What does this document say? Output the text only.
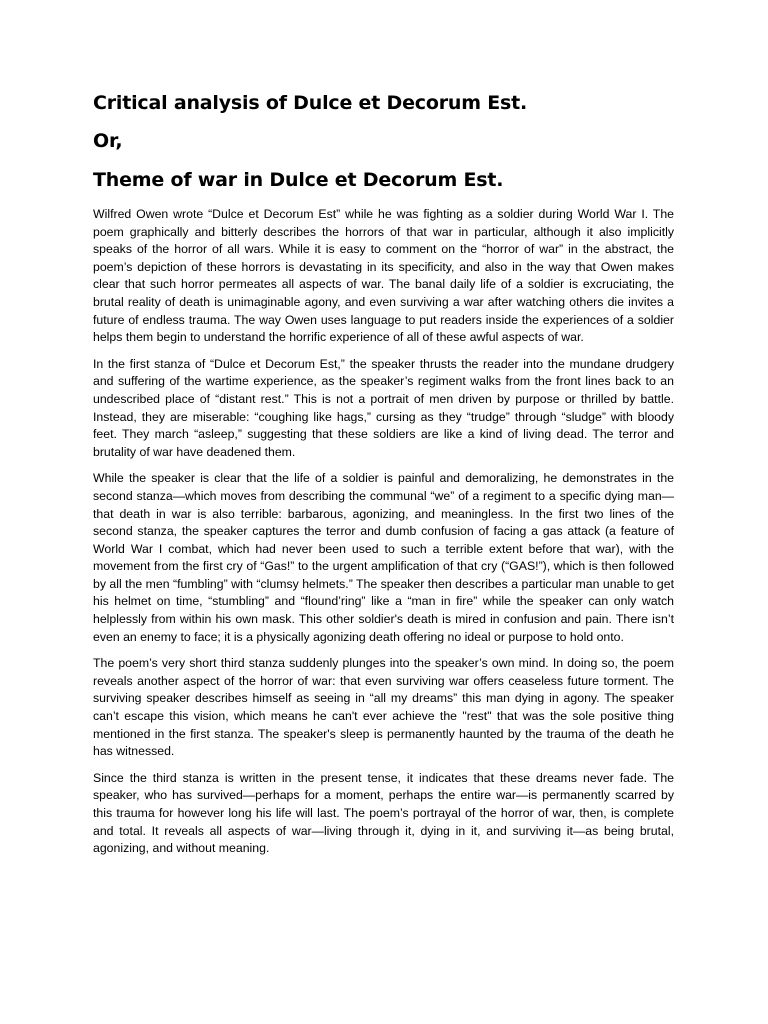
Critical analysis of Dulce et Decorum Est.
Or,
Theme of war in Dulce et Decorum Est.

Wilfred Owen wrote “Dulce et Decorum Est” while he was fighting as a soldier during World War I. The poem graphically and bitterly describes the horrors of that war in particular, although it also implicitly speaks of the horror of all wars. While it is easy to comment on the “horror of war” in the abstract, the poem’s depiction of these horrors is devastating in its specificity, and also in the way that Owen makes clear that such horror permeates all aspects of war. The banal daily life of a soldier is excruciating, the brutal reality of death is unimaginable agony, and even surviving a war after watching others die invites a future of endless trauma. The way Owen uses language to put readers inside the experiences of a soldier helps them begin to understand the horrific experience of all of these awful aspects of war.

In the first stanza of “Dulce et Decorum Est,” the speaker thrusts the reader into the mundane drudgery and suffering of the wartime experience, as the speaker’s regiment walks from the front lines back to an undescribed place of “distant rest.” This is not a portrait of men driven by purpose or thrilled by battle. Instead, they are miserable: “coughing like hags,” cursing as they “trudge” through “sludge” with bloody feet. They march “asleep,” suggesting that these soldiers are like a kind of living dead. The terror and brutality of war have deadened them.

While the speaker is clear that the life of a soldier is painful and demoralizing, he demonstrates in the second stanza—which moves from describing the communal “we” of a regiment to a specific dying man—that death in war is also terrible: barbarous, agonizing, and meaningless. In the first two lines of the second stanza, the speaker captures the terror and dumb confusion of facing a gas attack (a feature of World War I combat, which had never been used to such a terrible extent before that war), with the movement from the first cry of “Gas!” to the urgent amplification of that cry (“GAS!”), which is then followed by all the men “fumbling” with “clumsy helmets.” The speaker then describes a particular man unable to get his helmet on time, “stumbling” and “flound’ring” like a “man in fire” while the speaker can only watch helplessly from within his own mask. This other soldier's death is mired in confusion and pain. There isn’t even an enemy to face; it is a physically agonizing death offering no ideal or purpose to hold onto.

The poem’s very short third stanza suddenly plunges into the speaker’s own mind. In doing so, the poem reveals another aspect of the horror of war: that even surviving war offers ceaseless future torment. The surviving speaker describes himself as seeing in “all my dreams” this man dying in agony. The speaker can’t escape this vision, which means he can't ever achieve the "rest" that was the sole positive thing mentioned in the first stanza. The speaker's sleep is permanently haunted by the trauma of the death he has witnessed.

Since the third stanza is written in the present tense, it indicates that these dreams never fade. The speaker, who has survived—perhaps for a moment, perhaps the entire war—is permanently scarred by this trauma for however long his life will last. The poem’s portrayal of the horror of war, then, is complete and total. It reveals all aspects of war—living through it, dying in it, and surviving it—as being brutal, agonizing, and without meaning.
